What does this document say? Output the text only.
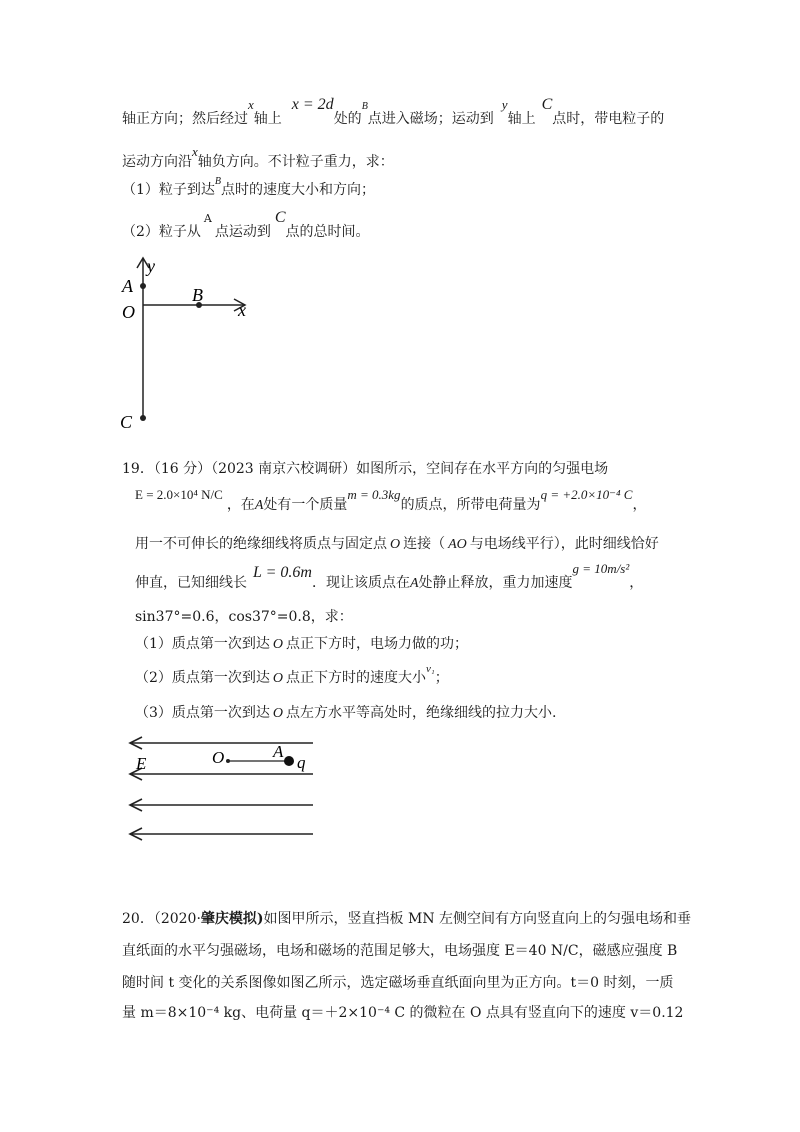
轴正方向；然后经过x轴上x = 2d处的$^B$点进入磁场；运动到y轴上C点时，带电粒子的
运动方向沿x轴负方向。不计粒子重力，求：
（1）粒子到达$^B$点时的速度大小和方向；
（2）粒子从$^A$点运动到C点的总时间。
y
A
O
B
x
C
19．（16 分）（2023 南京六校调研）如图所示，空间存在水平方向的匀强电场
E = 2.0×10⁴ N/C，在A处有一个质量m = 0.3kg的质点，所带电荷量为q = +2.0×10⁻⁴ C，
用一不可伸长的绝缘细线将质点与固定点 O 连接（ AO 与电场线平行），此时细线恰好
伸直，已知细线长L = 0.6m．现让该质点在A处静止释放，重力加速度g = 10m/s²，
sin37°=0.6，cos37°=0.8，求：
（1）质点第一次到达 O 点正下方时，电场力做的功；
（2）质点第一次到达 O 点正下方时的速度大小$^{v_1}$；
（3）质点第一次到达 O 点左方水平等高处时，绝缘细线的拉力大小.
O	A
q
E
20．（2020·肇庆模拟)如图甲所示，竖直挡板 MN 左侧空间有方向竖直向上的匀强电场和垂
直纸面的水平匀强磁场，电场和磁场的范围足够大，电场强度 E＝40 N/C，磁感应强度 B
随时间 t 变化的关系图像如图乙所示，选定磁场垂直纸面向里为正方向。t＝0 时刻，一质
量 m＝8×10⁻⁴ kg、电荷量 q＝＋2×10⁻⁴ C 的微粒在 O 点具有竖直向下的速度 v＝0.12
